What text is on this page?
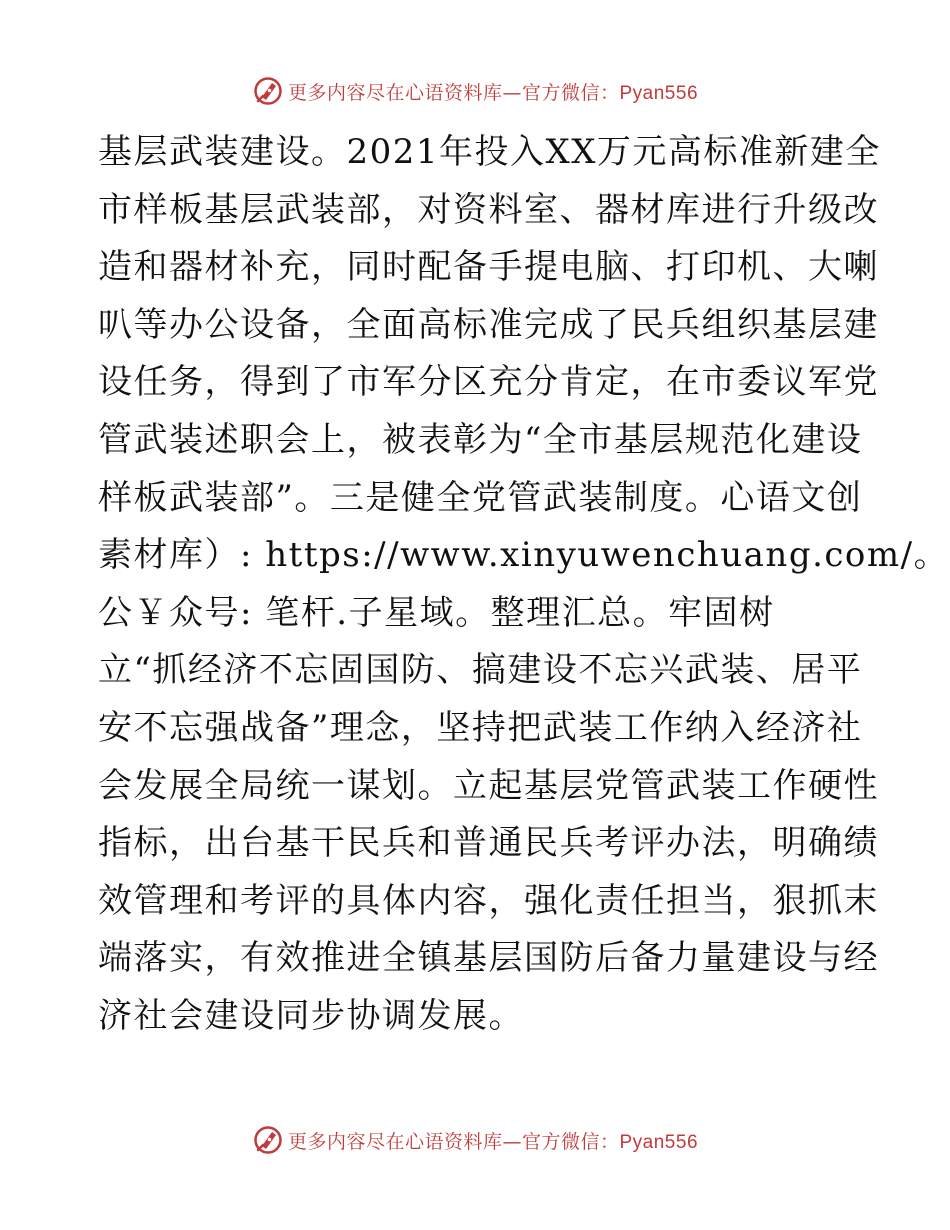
更多内容尽在心语资料库—官方微信：Pyan556
基层武装建设。2021年投入XX万元高标准新建全
市样板基层武装部，对资料室、器材库进行升级改
造和器材补充，同时配备手提电脑、打印机、大喇
叭等办公设备，全面高标准完成了民兵组织基层建
设任务，得到了市军分区充分肯定，在市委议军党
管武装述职会上，被表彰为“全市基层规范化建设
样板武装部”。三是健全党管武装制度。心语文创
素材库）: https://www.xinyuwenchuang.com/。
公￥众号: 笔杆.子星域。整理汇总。牢固树
立“抓经济不忘固国防、搞建设不忘兴武装、居平
安不忘强战备”理念，坚持把武装工作纳入经济社
会发展全局统一谋划。立起基层党管武装工作硬性
指标，出台基干民兵和普通民兵考评办法，明确绩
效管理和考评的具体内容，强化责任担当，狠抓末
端落实，有效推进全镇基层国防后备力量建设与经
济社会建设同步协调发展。
更多内容尽在心语资料库—官方微信：Pyan556
